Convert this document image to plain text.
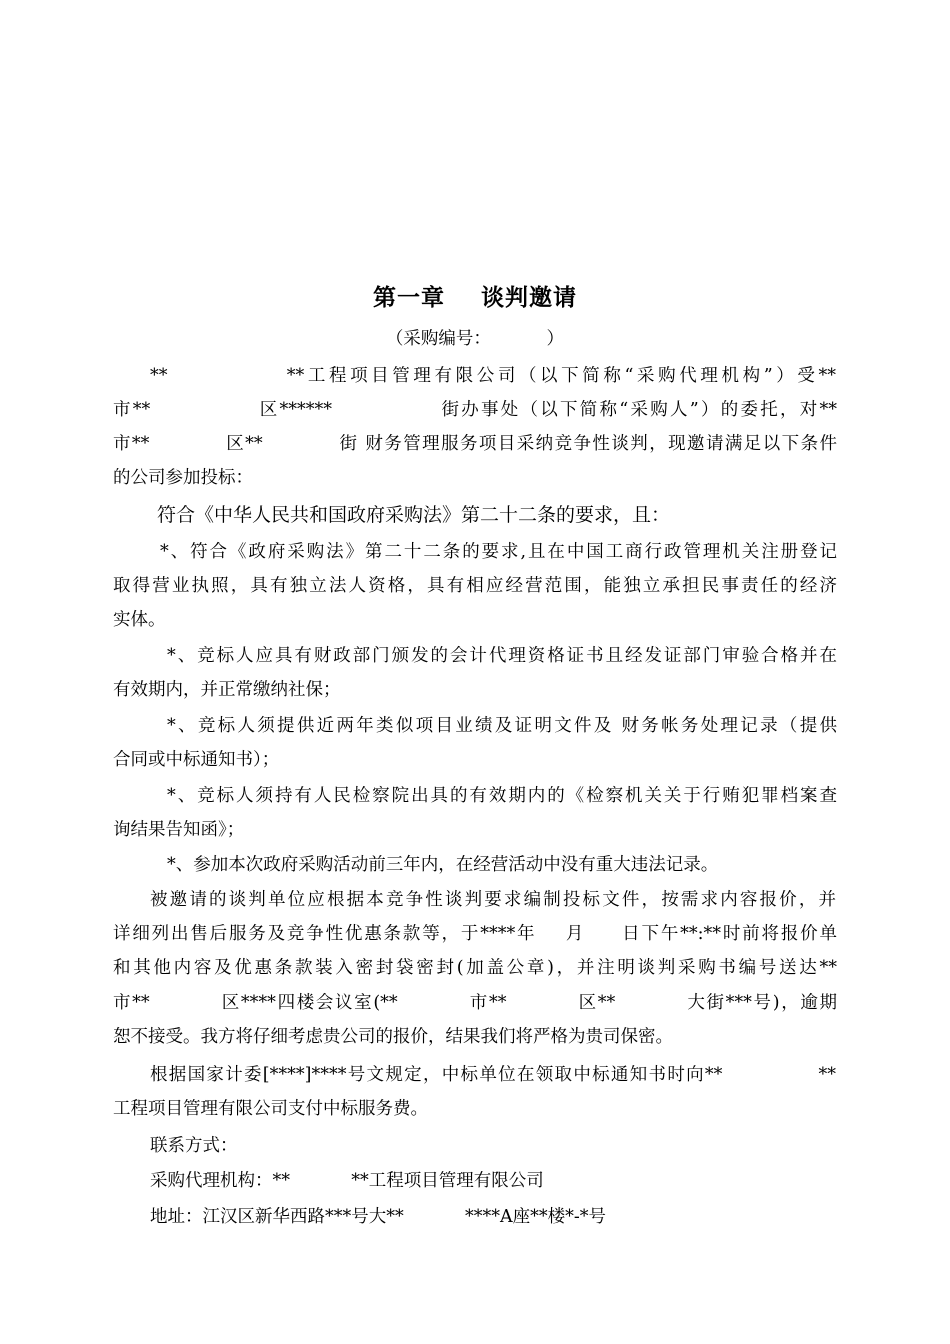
第一章    谈判邀请
（采购编号：          ）
**             **工程项目管理有限公司（以下简称“采购代理机构”）受**
市**              区******              街办事处（以下简称“采购人”）的委托，对**
市**           区**           街 财务管理服务项目采纳竞争性谈判，现邀请满足以下条件
的公司参加投标：
符合《中华人民共和国政府采购法》第二十二条的要求，且：
*、符合《政府采购法》第二十二条的要求,且在中国工商行政管理机关注册登记
取得营业执照，具有独立法人资格，具有相应经营范围，能独立承担民事责任的经济
实体。
*、竞标人应具有财政部门颁发的会计代理资格证书且经发证部门审验合格并在
有效期内，并正常缴纳社保；
*、竞标人须提供近两年类似项目业绩及证明文件及 财务帐务处理记录（提供
合同或中标通知书）；
*、竞标人须持有人民检察院出具的有效期内的《检察机关关于行贿犯罪档案查
询结果告知函》；
*、参加本次政府采购活动前三年内，在经营活动中没有重大违法记录。
被邀请的谈判单位应根据本竞争性谈判要求编制投标文件，按需求内容报价，并
详细列出售后服务及竞争性优惠条款等，于****年    月     日下午**:**时前将报价单
和其他内容及优惠条款装入密封袋密封(加盖公章)，并注明谈判采购书编号送达**
市**          区****四楼会议室(**          市**          区**          大街***号)，逾期
恕不接受。我方将仔细考虑贵公司的报价，结果我们将严格为贵司保密。
根据国家计委[****]****号文规定，中标单位在领取中标通知书时向**              **
工程项目管理有限公司支付中标服务费。
联系方式：
采购代理机构：**           **工程项目管理有限公司
地址：江汉区新华西路***号大**           ****A座**楼*-*号
